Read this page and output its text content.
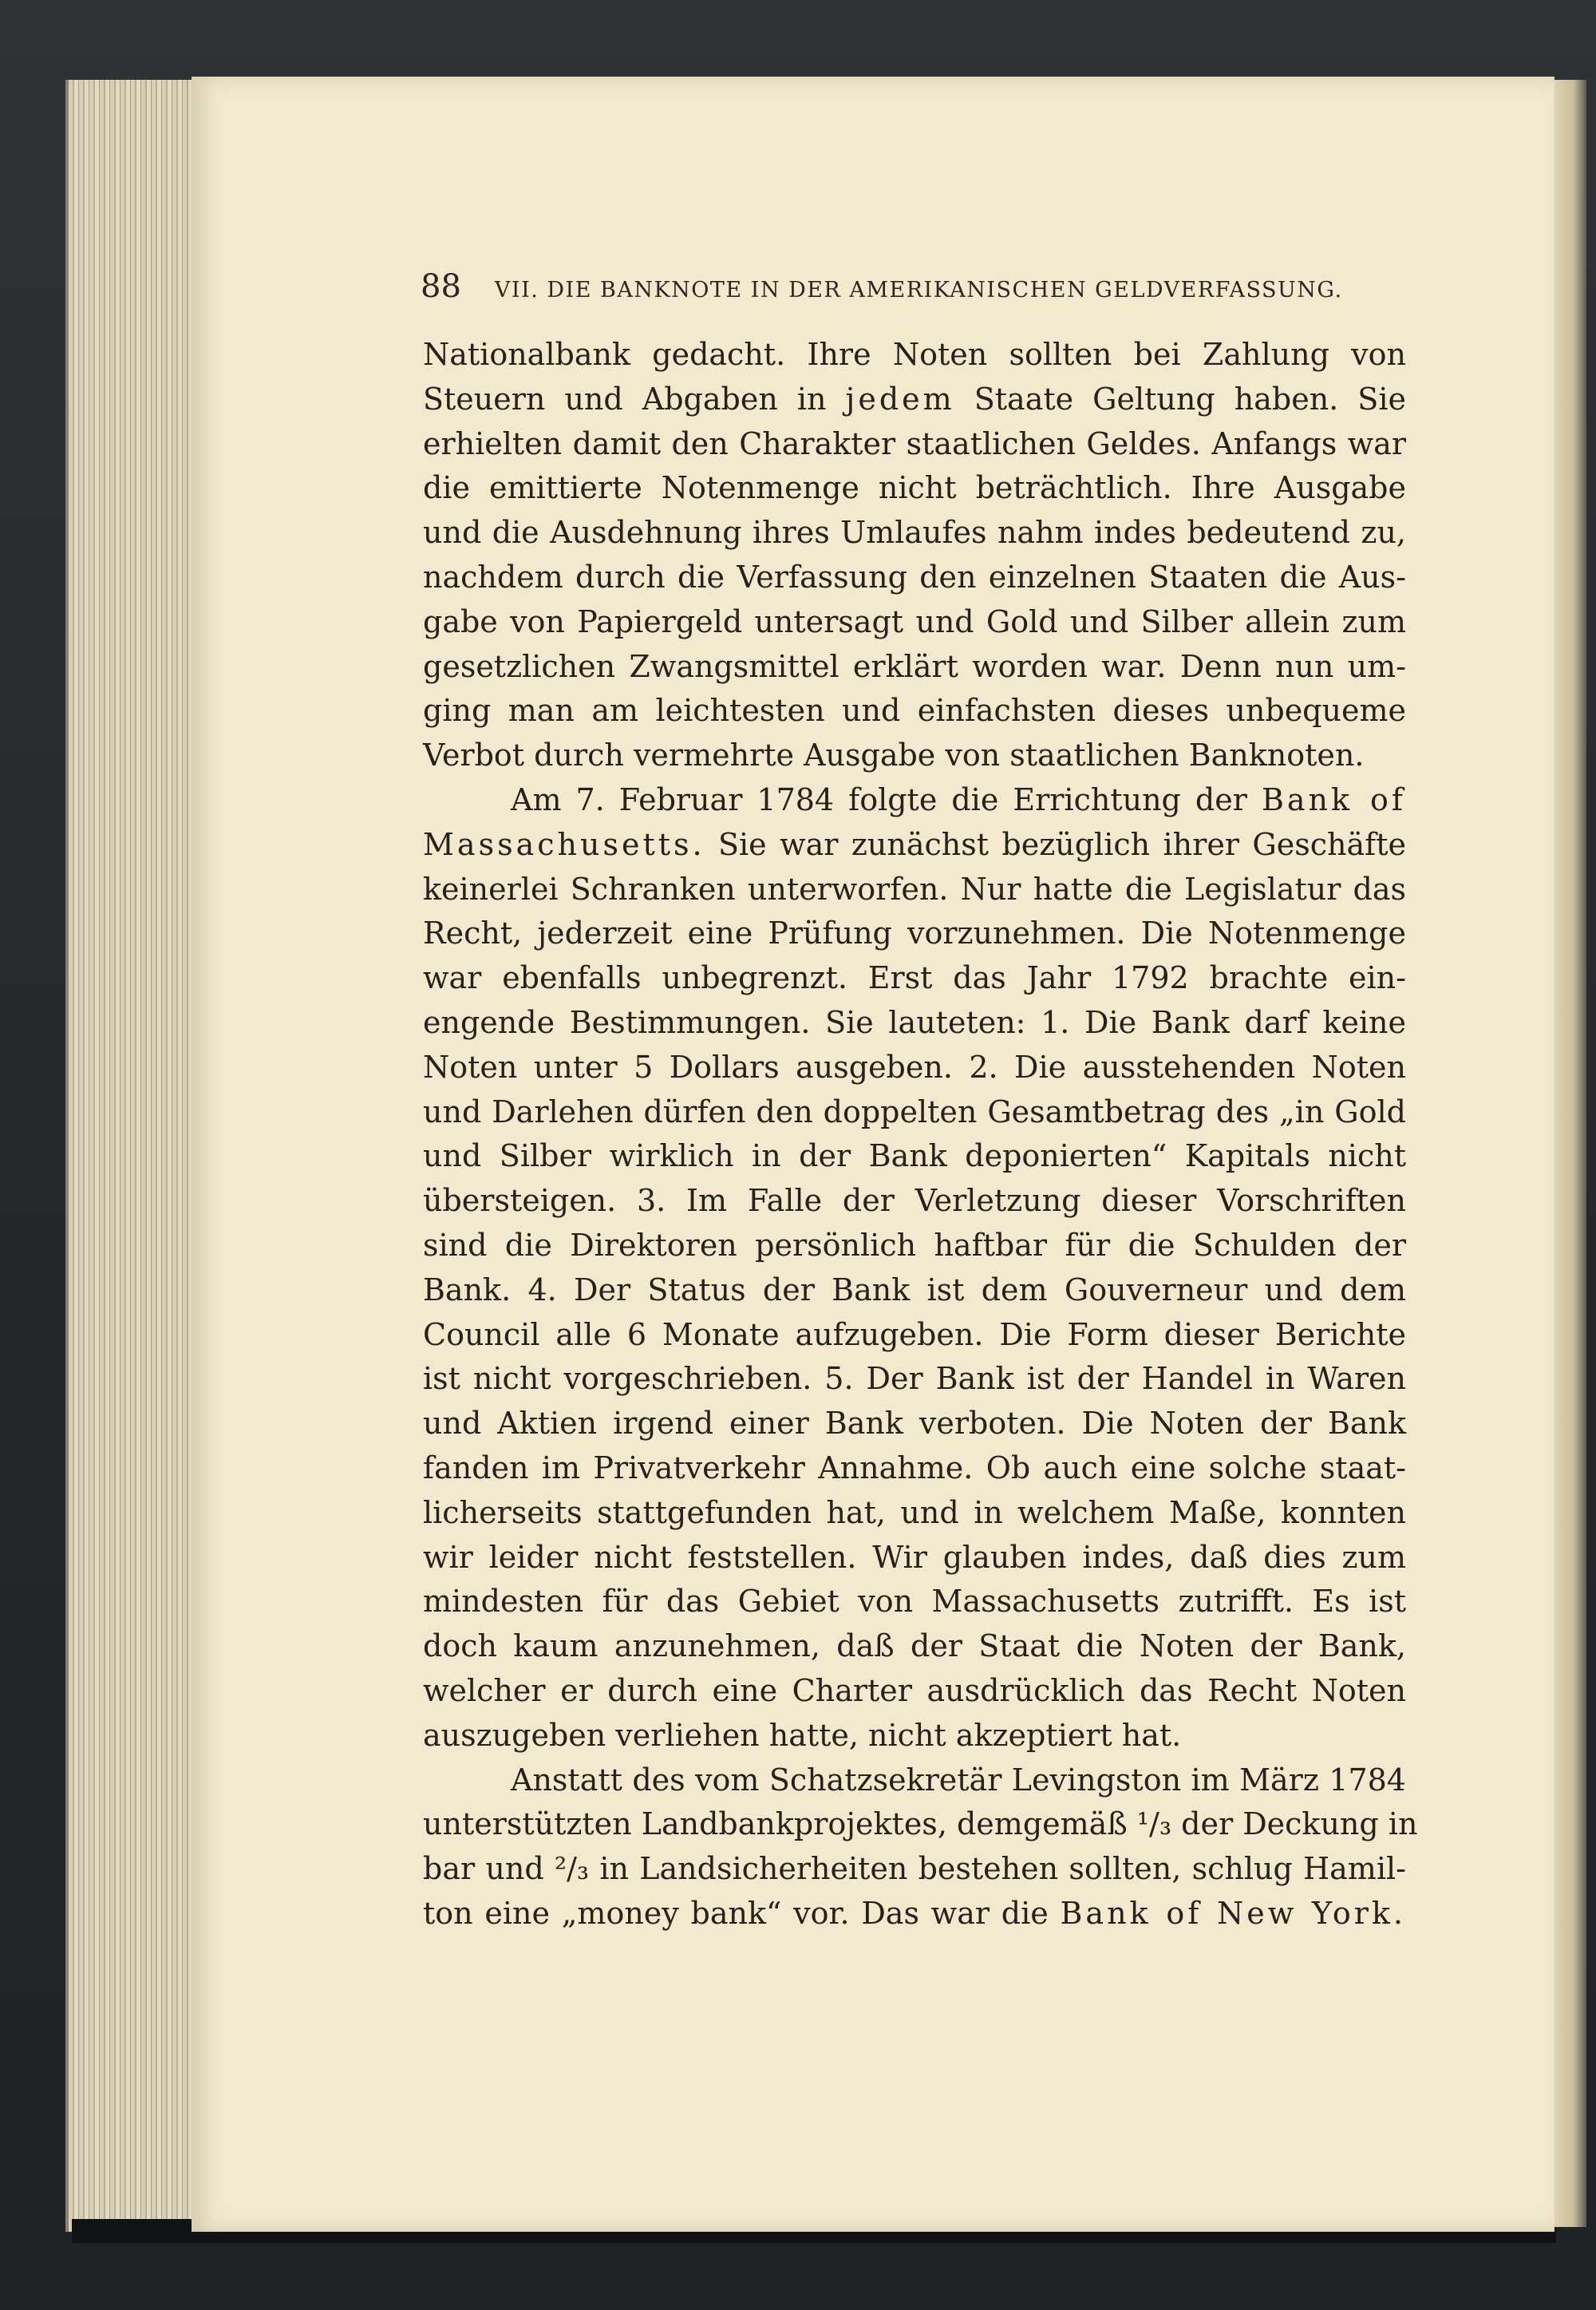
88 VII. DIE BANKNOTE IN DER AMERIKANISCHEN GELDVERFASSUNG.
Nationalbank gedacht. Ihre Noten sollten bei Zahlung von
Steuern und Abgaben in jedem Staate Geltung haben. Sie
erhielten damit den Charakter staatlichen Geldes. Anfangs war
die emittierte Notenmenge nicht beträchtlich. Ihre Ausgabe
und die Ausdehnung ihres Umlaufes nahm indes bedeutend zu,
nachdem durch die Verfassung den einzelnen Staaten die Aus-
gabe von Papiergeld untersagt und Gold und Silber allein zum
gesetzlichen Zwangsmittel erklärt worden war. Denn nun um-
ging man am leichtesten und einfachsten dieses unbequeme
Verbot durch vermehrte Ausgabe von staatlichen Banknoten.
Am 7. Februar 1784 folgte die Errichtung der Bank of
Massachusetts. Sie war zunächst bezüglich ihrer Geschäfte
keinerlei Schranken unterworfen. Nur hatte die Legislatur das
Recht, jederzeit eine Prüfung vorzunehmen. Die Notenmenge
war ebenfalls unbegrenzt. Erst das Jahr 1792 brachte ein-
engende Bestimmungen. Sie lauteten: 1. Die Bank darf keine
Noten unter 5 Dollars ausgeben. 2. Die ausstehenden Noten
und Darlehen dürfen den doppelten Gesamtbetrag des „in Gold
und Silber wirklich in der Bank deponierten“ Kapitals nicht
übersteigen. 3. Im Falle der Verletzung dieser Vorschriften
sind die Direktoren persönlich haftbar für die Schulden der
Bank. 4. Der Status der Bank ist dem Gouverneur und dem
Council alle 6 Monate aufzugeben. Die Form dieser Berichte
ist nicht vorgeschrieben. 5. Der Bank ist der Handel in Waren
und Aktien irgend einer Bank verboten. Die Noten der Bank
fanden im Privatverkehr Annahme. Ob auch eine solche staat-
licherseits stattgefunden hat, und in welchem Maße, konnten
wir leider nicht feststellen. Wir glauben indes, daß dies zum
mindesten für das Gebiet von Massachusetts zutrifft. Es ist
doch kaum anzunehmen, daß der Staat die Noten der Bank,
welcher er durch eine Charter ausdrücklich das Recht Noten
auszugeben verliehen hatte, nicht akzeptiert hat.
Anstatt des vom Schatzsekretär Levingston im März 1784
unterstützten Landbankprojektes, demgemäß ¹/₃ der Deckung in
bar und ²/₃ in Landsicherheiten bestehen sollten, schlug Hamil-
ton eine „money bank“ vor. Das war die Bank of New York.
